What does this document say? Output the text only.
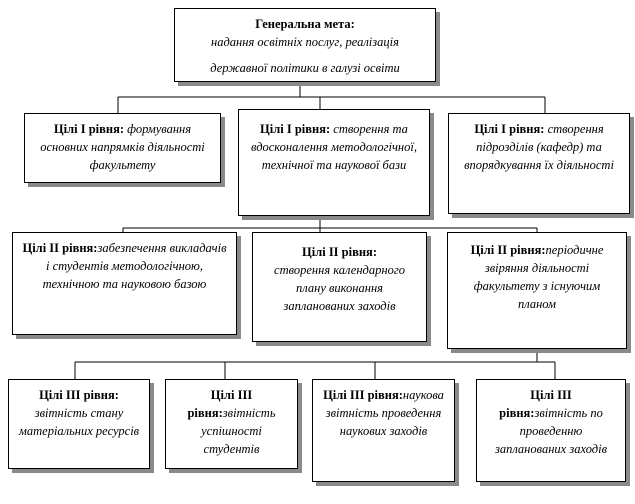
Генеральна мета:
надання освітніх послуг, реалізація
державної політики в галузі освіти
Цілі І рівня: формування основних напрямків діяльності факультету
Цілі І рівня: створення та вдосконалення методологічної, технічної та наукової бази
Цілі І рівня: створення підрозділів (кафедр) та впорядкування їх діяльності
Цілі ІІ рівня:забезпечення викладачів і студентів методологічною, технічною та науковою базою
Цілі ІІ рівня:
створення календарного плану виконання запланованих заходів
Цілі ІІ рівня:періодичне звіряння діяльності факультету з існуючим планом
Цілі ІІІ рівня: звітність стану матеріальних ресурсів
Цілі ІІІ рівня:звітність успішності студентів
Цілі ІІІ рівня:наукова звітність проведення наукових заходів
Цілі ІІІ рівня:звітність по проведенню запланованих заходів
